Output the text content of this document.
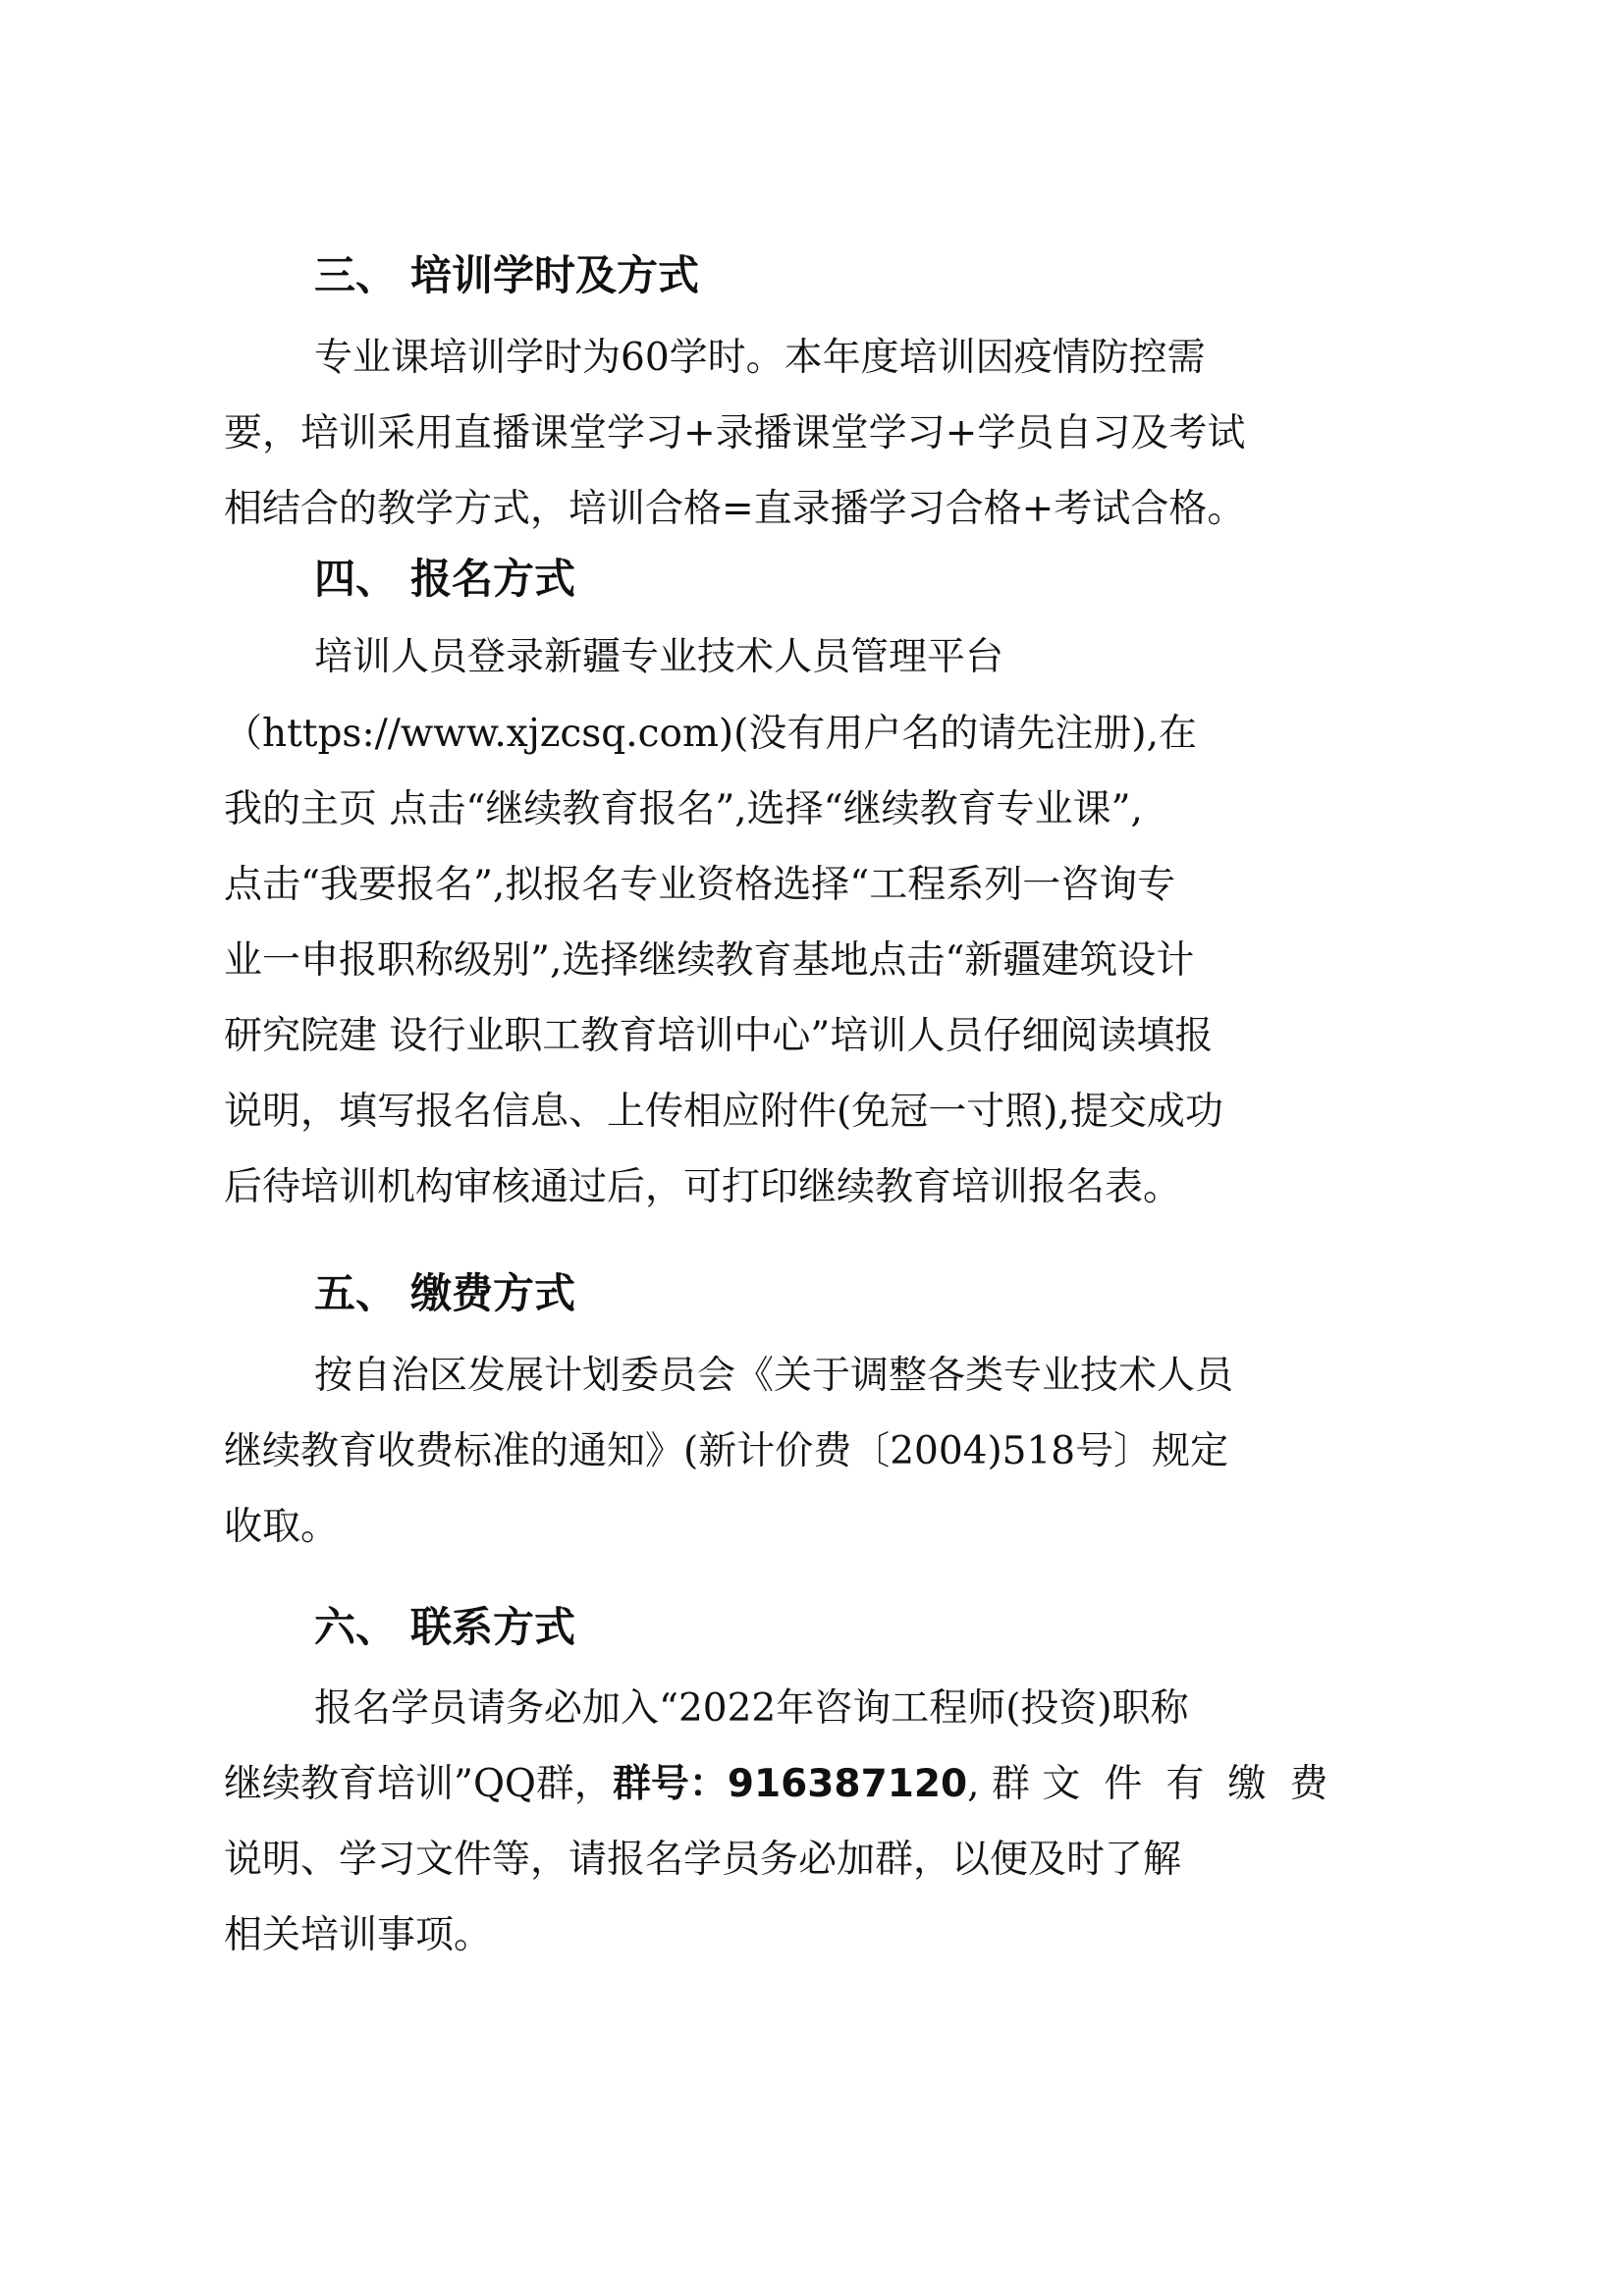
三、 培训学时及方式
专业课培训学时为60学时。本年度培训因疫情防控需
要，培训采用直播课堂学习+录播课堂学习+学员自习及考试
相结合的教学方式，培训合格=直录播学习合格+考试合格。
四、 报名方式
培训人员登录新疆专业技术人员管理平台
（https://www.xjzcsq.com)(没有用户名的请先注册),在
我的主页 点击“继续教育报名”,选择“继续教育专业课”,
点击“我要报名”,拟报名专业资格选择“工程系列一咨询专
业一申报职称级别”,选择继续教育基地点击“新疆建筑设计
研究院建 设行业职工教育培训中心”培训人员仔细阅读填报
说明，填写报名信息、上传相应附件(免冠一寸照),提交成功
后待培训机构审核通过后，可打印继续教育培训报名表。
五、 缴费方式
按自治区发展计划委员会《关于调整各类专业技术人员
继续教育收费标准的通知》(新计价费〔2004)518号〕规定
收取。
六、 联系方式
报名学员请务必加入“2022年咨询工程师(投资)职称
继续教育培训”QQ群，群号：916387120, 群 文件有缴费
说明、学习文件等，请报名学员务必加群，以便及时了解
相关培训事项。
